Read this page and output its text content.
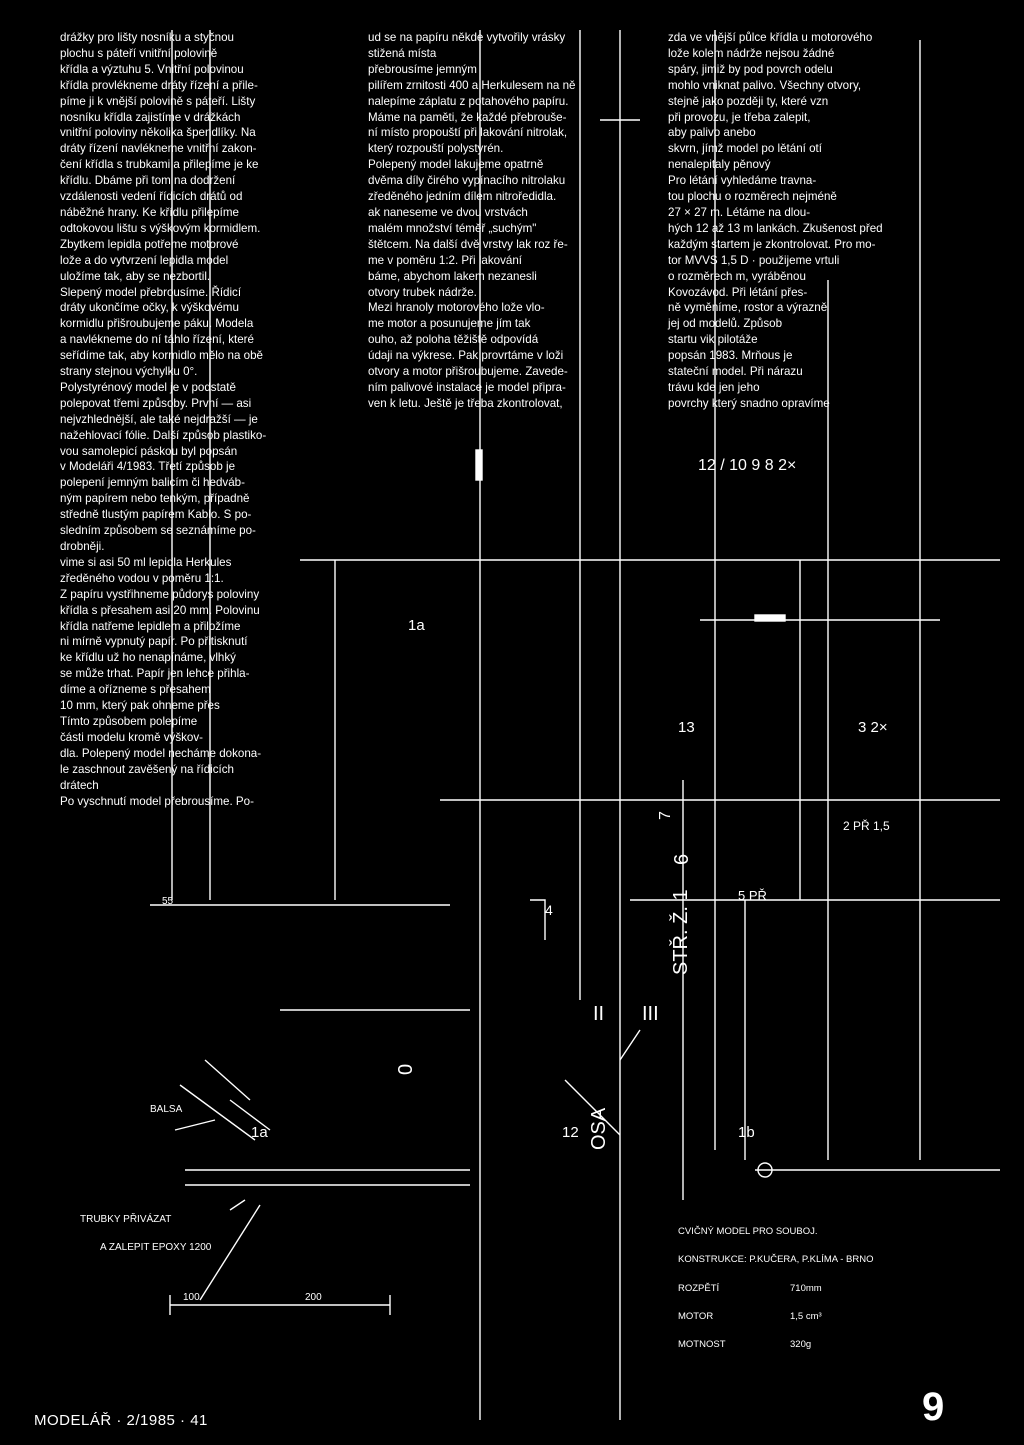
drážky pro lišty nosníku a styčnou

plochu s páteří vnitřní polovině

křídla a výztuhu 5. Vnitřní polovinou

křídla provlékneme dráty řízení a přile-

píme ji k vnější polovině s páteří. Lišty

nosníku křídla zajistíme v drážkách

vnitřní poloviny několika špendlíky. Na

dráty řízení navlékneme vnitřní zakon-

čení křídla s trubkami a přilepíme je ke

křídlu. Dbáme při tom na dodržení

vzdálenosti vedení řídicích drátů od

náběžné hrany. Ke křídlu přilepíme

odtokovou lištu s výškovým kormidlem.

Zbytkem lepidla potřeme motorové

lože a do vytvrzení lepidla model

uložíme tak, aby se nezbortil.

Slepený model přebrousíme. Řídicí

dráty ukončíme očky, k výškovému

kormidlu přišroubujeme páku. Modela

a navlékneme do ní táhlo řízení, které

seřídíme tak, aby kormidlo mělo na obě

strany stejnou výchylku 0°.

Polystyrénový model je v podstatě

polepovat třemi způsoby. První — asi

nejvzhlednější, ale také nejdražší — je

nažehlovací fólie. Další způsob plastiko-

vou samolepicí páskou byl popsán

v Modeláři 4/1983. Třetí způsob je

polepení jemným balicím či hedváb-

ným papírem nebo tenkým, případně

středně tlustým papírem Kablo. S po-

sledním způsobem se seznámíme po-

drobněji.

vime si asi 50 ml lepidla Herkules

zředěného vodou v poměru 1:1.

Z papíru vystřihneme půdorys poloviny

křídla s přesahem asi 20 mm. Polovinu

křídla natřeme lepidlem a přiložíme

ni mírně vypnutý papír. Po přitisknutí

ke křídlu už ho nenapínáme, vlhký

se může trhat. Papír jen lehce přihla-

díme a ořízneme s přesahem

10 mm, který pak ohneme přes

Tímto způsobem polepíme

části modelu kromě výškov-

dla. Polepený model necháme dokona-

le zaschnout zavěšený na řídicích

drátech

Po vyschnutí model přebrousíme. Po-

ud se na papíru někde vytvořily vrásky

stižená místa

přebrousíme jemným

pilířem zrnitosti 400 a Herkulesem na ně

nalepíme záplatu z potahového papíru.

Máme na paměti, že každé přebrouše-

ní místo propouští při lakování nitrolak,

který rozpouští polystyrén.

Polepený model lakujeme opatrně

dvěma díly čirého vypínacího nitrolaku

zředěného jedním dílem nitroředidla.

ak naneseme ve dvou vrstvách

malém množství téměř „suchým"

štětcem. Na další dvě vrstvy lak roz ře-

me v poměru 1:2. Při lakování

báme, abychom lakem nezanesli

otvory trubek nádrže.

Mezi hranoly motorového lože vlo-

me motor a posunujeme jím tak

ouho, až poloha těžiště odpovídá

údaji na výkrese. Pak provrtáme v loži

otvory a motor přišroubujeme. Zavede-

ním palivové instalace je model připra-

ven k letu. Ještě je třeba zkontrolovat,

zda ve vnější půlce křídla u motorového

lože kolem nádrže nejsou žádné

spáry, jimiž by pod povrch odelu

mohlo vniknat palivo. Všechny otvory,

stejně jako později ty, které vzn

při provozu, je třeba zalepit,

aby palivo anebo

skvrn, jímž model po lětání otí

nenalepitaly pěnový

Pro létání vyhledáme travna-

tou plochu o rozměrech nejméně

27 × 27 m. Létáme na dlou-

hých 12 až 13 m lankách. Zkušenost před

každým startem je zkontrolovat. Pro mo-

tor MVVS 1,5 D · použijeme vrtuli

o rozměrech m, vyráběnou

Kovozávod. Při létání přes-

ně vyměníme, rostor a výrazně

jej od modelů. Způsob

startu vik pilotáže

popsán 1983. Mrňous je

stateční model. Při nárazu

trávu kde jen jeho

povrchy který snadno opravíme

12 / 10 9 8 2×
1a
13	3 2×
2 PŘ 1,5
5 PŘ
55
4
III
II
0
OSA
12	1b
BALSA
1a
7
6
STŘ. Ž. 1
100	200
TRUBKY PŘIVÁZAT
A ZALEPIT EPOXY 1200
CVIČNÝ MODEL PRO SOUBOJ.
KONSTRUKCE: P.KUČERA, P.KLÍMA - BRNO
ROZPĚTÍ	710mm
MOTOR	1,5 cm³
MOTNOST	320g
MODELÁŘ · 2/1985 · 41	9
